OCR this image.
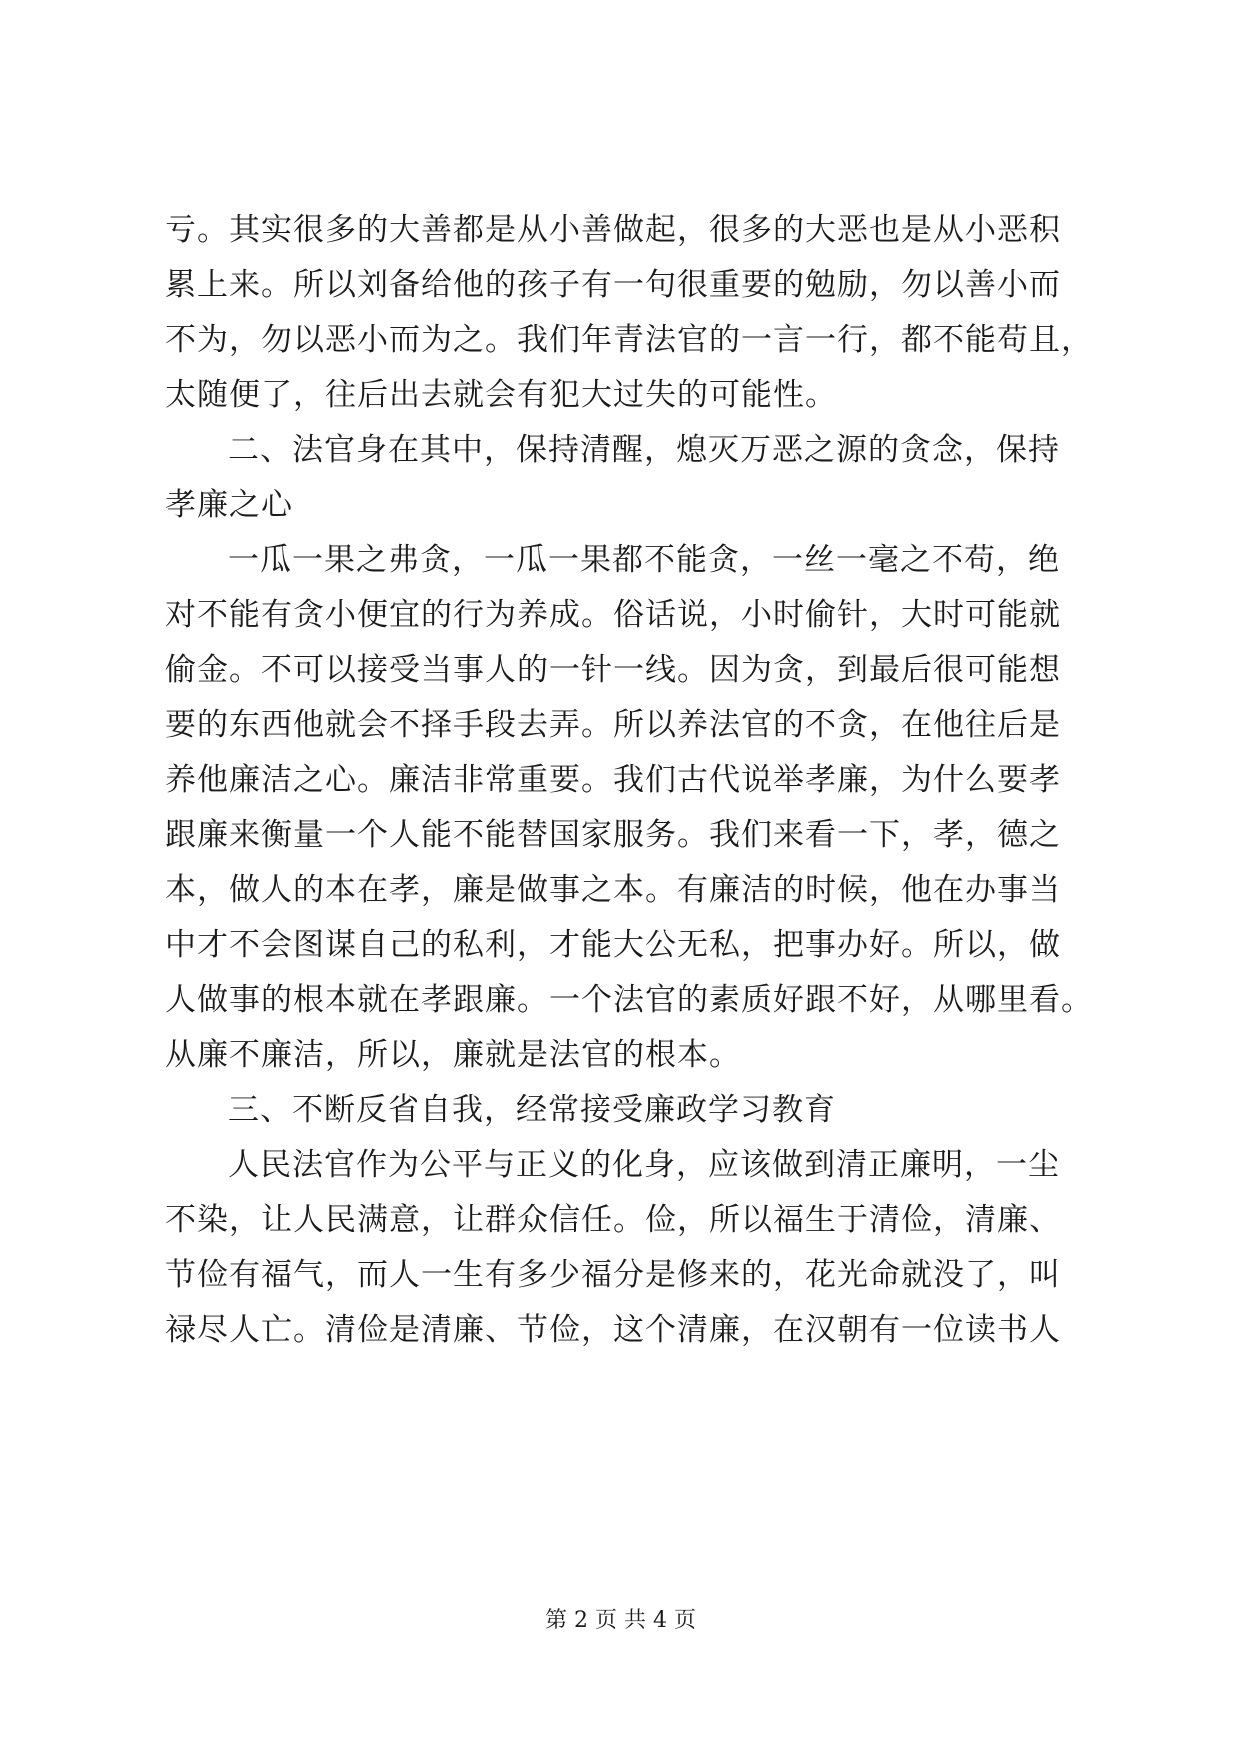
亏。其实很多的大善都是从小善做起，很多的大恶也是从小恶积
累上来。所以刘备给他的孩子有一句很重要的勉励，勿以善小而
不为，勿以恶小而为之。我们年青法官的一言一行，都不能苟且，
太随便了，往后出去就会有犯大过失的可能性。
二、法官身在其中，保持清醒，熄灭万恶之源的贪念，保持
孝廉之心
一瓜一果之弗贪，一瓜一果都不能贪，一丝一毫之不苟，绝
对不能有贪小便宜的行为养成。俗话说，小时偷针，大时可能就
偷金。不可以接受当事人的一针一线。因为贪，到最后很可能想
要的东西他就会不择手段去弄。所以养法官的不贪，在他往后是
养他廉洁之心。廉洁非常重要。我们古代说举孝廉，为什么要孝
跟廉来衡量一个人能不能替国家服务。我们来看一下，孝，德之
本，做人的本在孝，廉是做事之本。有廉洁的时候，他在办事当
中才不会图谋自己的私利，才能大公无私，把事办好。所以，做
人做事的根本就在孝跟廉。一个法官的素质好跟不好，从哪里看。
从廉不廉洁，所以，廉就是法官的根本。
三、不断反省自我，经常接受廉政学习教育
人民法官作为公平与正义的化身，应该做到清正廉明，一尘
不染，让人民满意，让群众信任。俭，所以福生于清俭，清廉、
节俭有福气，而人一生有多少福分是修来的，花光命就没了，叫
禄尽人亡。清俭是清廉、节俭，这个清廉，在汉朝有一位读书人
第 2 页 共 4 页
